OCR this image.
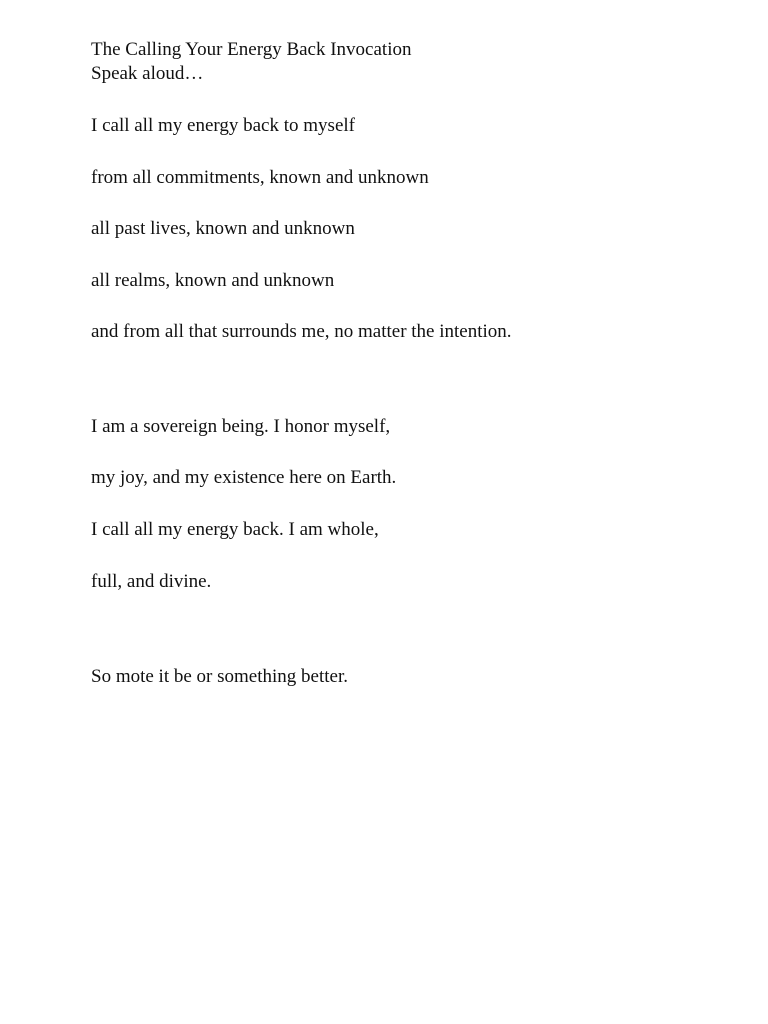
The Calling Your Energy Back Invocation

Speak aloud…

I call all my energy back to myself

from all commitments, known and unknown

all past lives, known and unknown

all realms, known and unknown

and from all that surrounds me, no matter the intention.

I am a sovereign being. I honor myself,

my joy, and my existence here on Earth.

I call all my energy back. I am whole,

full, and divine.

So mote it be or something better.
